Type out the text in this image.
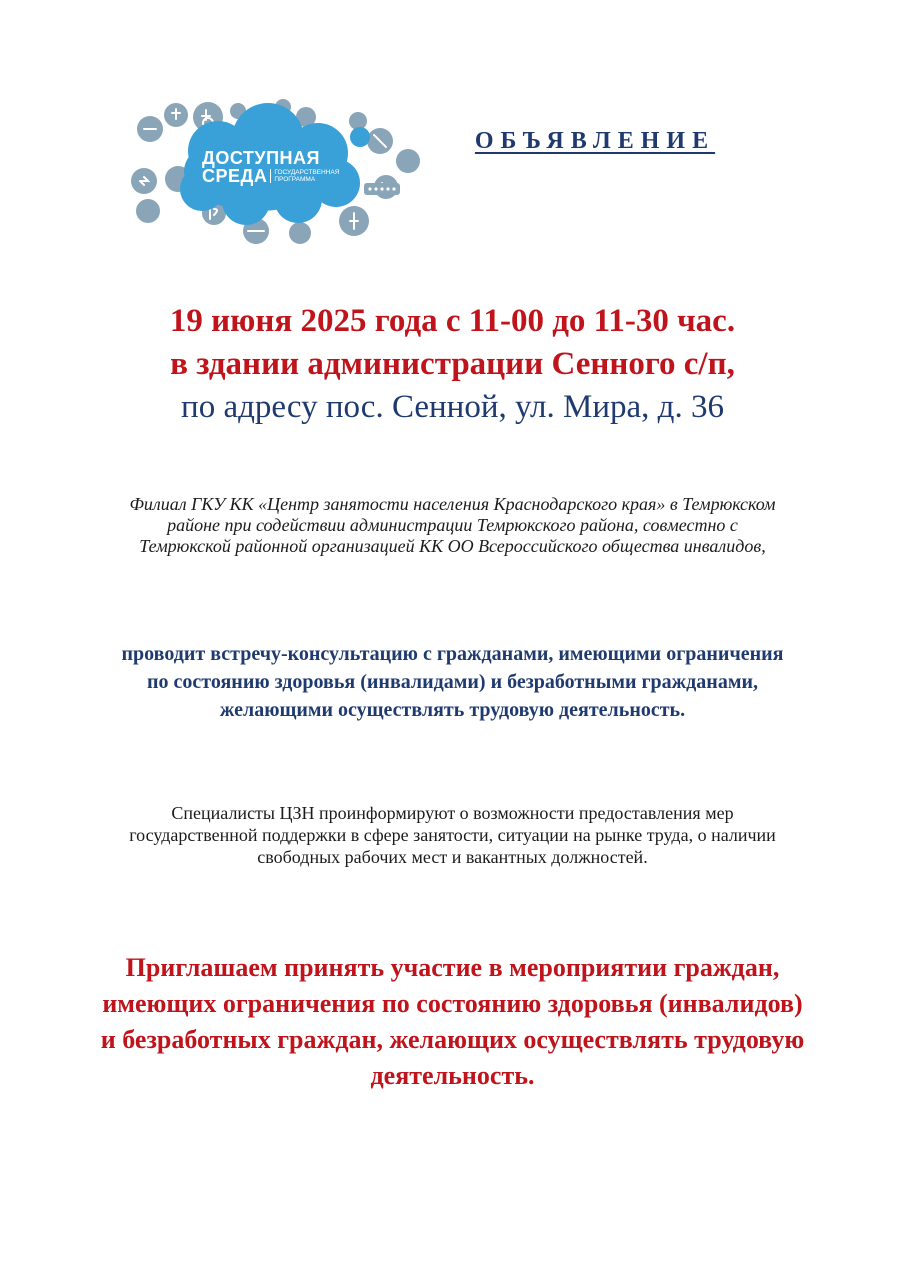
ДОСТУПНАЯ
СРЕДА ГОСУДАРСТВЕННАЯ
ПРОГРАММА
ОБЪЯВЛЕНИЕ
19 июня 2025 года с 11-00 до 11-30 час.
в здании администрации Сенного с/п,
по адресу пос. Сенной, ул. Мира, д. 36
Филиал ГКУ КК «Центр занятости населения Краснодарского края» в Темрюкском районе при содействии администрации Темрюкского района, совместно с Темрюкской районной организацией КК ОО Всероссийского общества инвалидов,
проводит встречу-консультацию с гражданами, имеющими ограничения по состоянию здоровья (инвалидами) и безработными гражданами, желающими осуществлять трудовую деятельность.
Специалисты ЦЗН проинформируют о возможности предоставления мер государственной поддержки в сфере занятости, ситуации на рынке труда, о наличии свободных рабочих мест и вакантных должностей.
Приглашаем принять участие в мероприятии граждан, имеющих ограничения по состоянию здоровья (инвалидов) и безработных граждан, желающих осуществлять трудовую деятельность.
